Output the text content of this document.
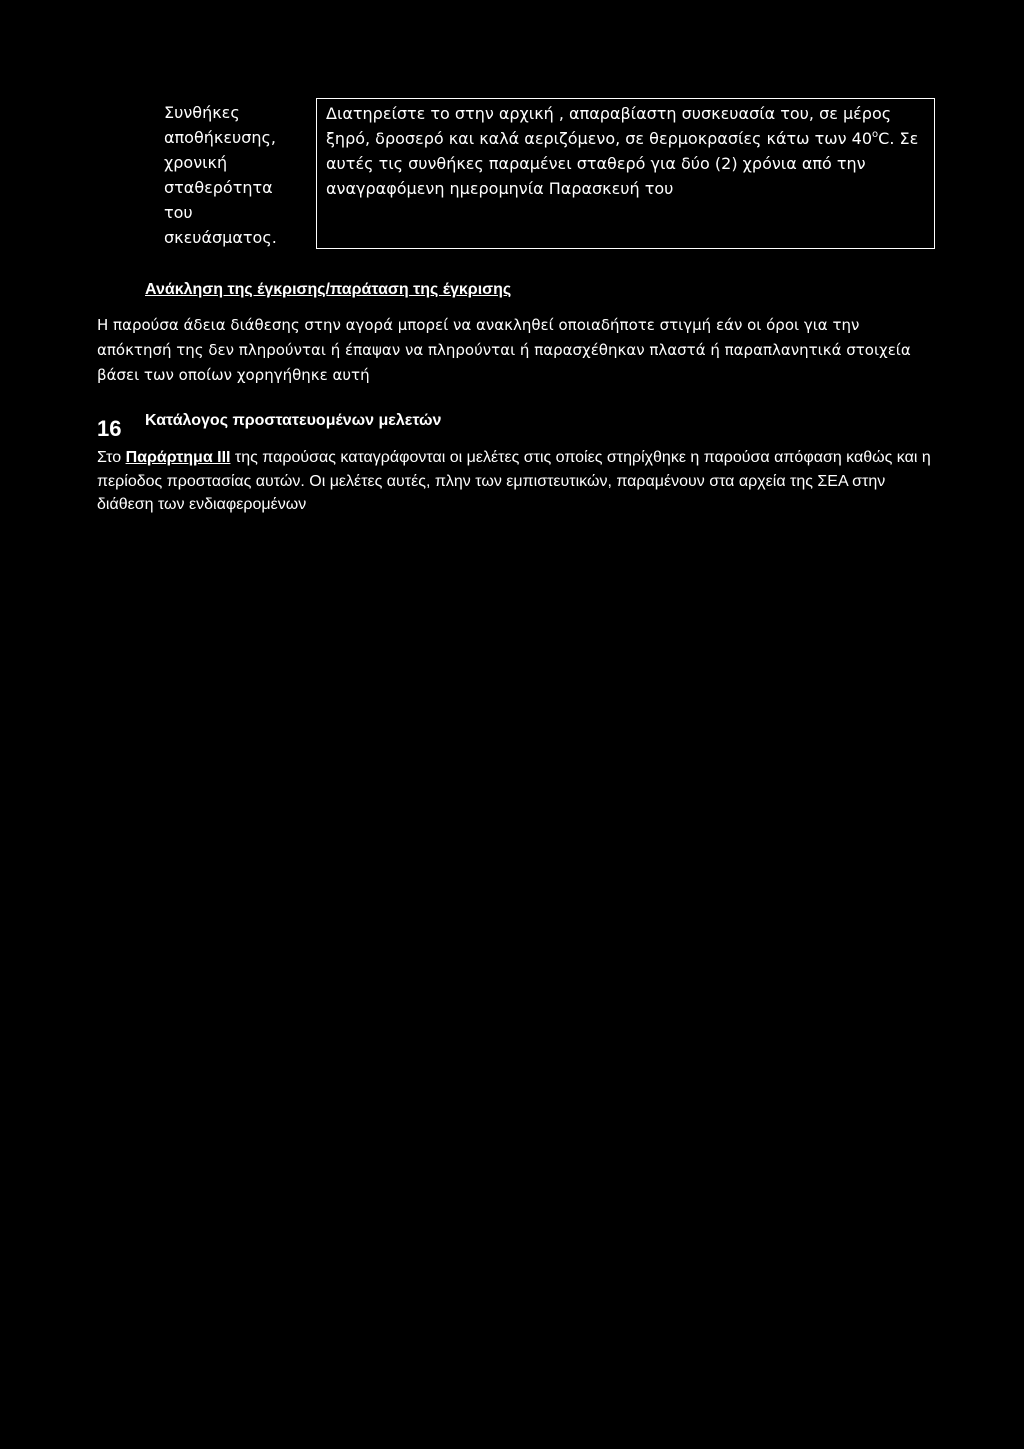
Συνθήκες
αποθήκευσης,
χρονική
σταθερότητα
του
σκευάσματος.
Διατηρείστε το στην αρχική , απαραβίαστη συσκευασία του, σε μέρος ξηρό, δροσερό και καλά αεριζόμενο, σε θερμοκρασίες κάτω των 40$^o$C. Σε αυτές τις συνθήκες παραμένει σταθερό για δύο (2) χρόνια από την αναγραφόμενη ημερομηνία Παρασκευή του
Ανάκληση της έγκρισης/παράταση της έγκρισης
Η παρούσα άδεια διάθεσης στην αγορά μπορεί να ανακληθεί οποιαδήποτε στιγμή εάν οι όροι για την απόκτησή της δεν πληρούνται ή έπαψαν να πληρούνται ή παρασχέθηκαν πλαστά ή παραπλανητικά στοιχεία βάσει των οποίων χορηγήθηκε αυτή
16 Κατάλογος προστατευομένων μελετών
Στο Παράρτημα III της παρούσας καταγράφονται οι μελέτες στις οποίες στηρίχθηκε η παρούσα απόφαση καθώς και η περίοδος προστασίας αυτών. Οι μελέτες αυτές, πλην των εμπιστευτικών, παραμένουν στα αρχεία της ΣΕΑ στην διάθεση των ενδιαφερομένων
